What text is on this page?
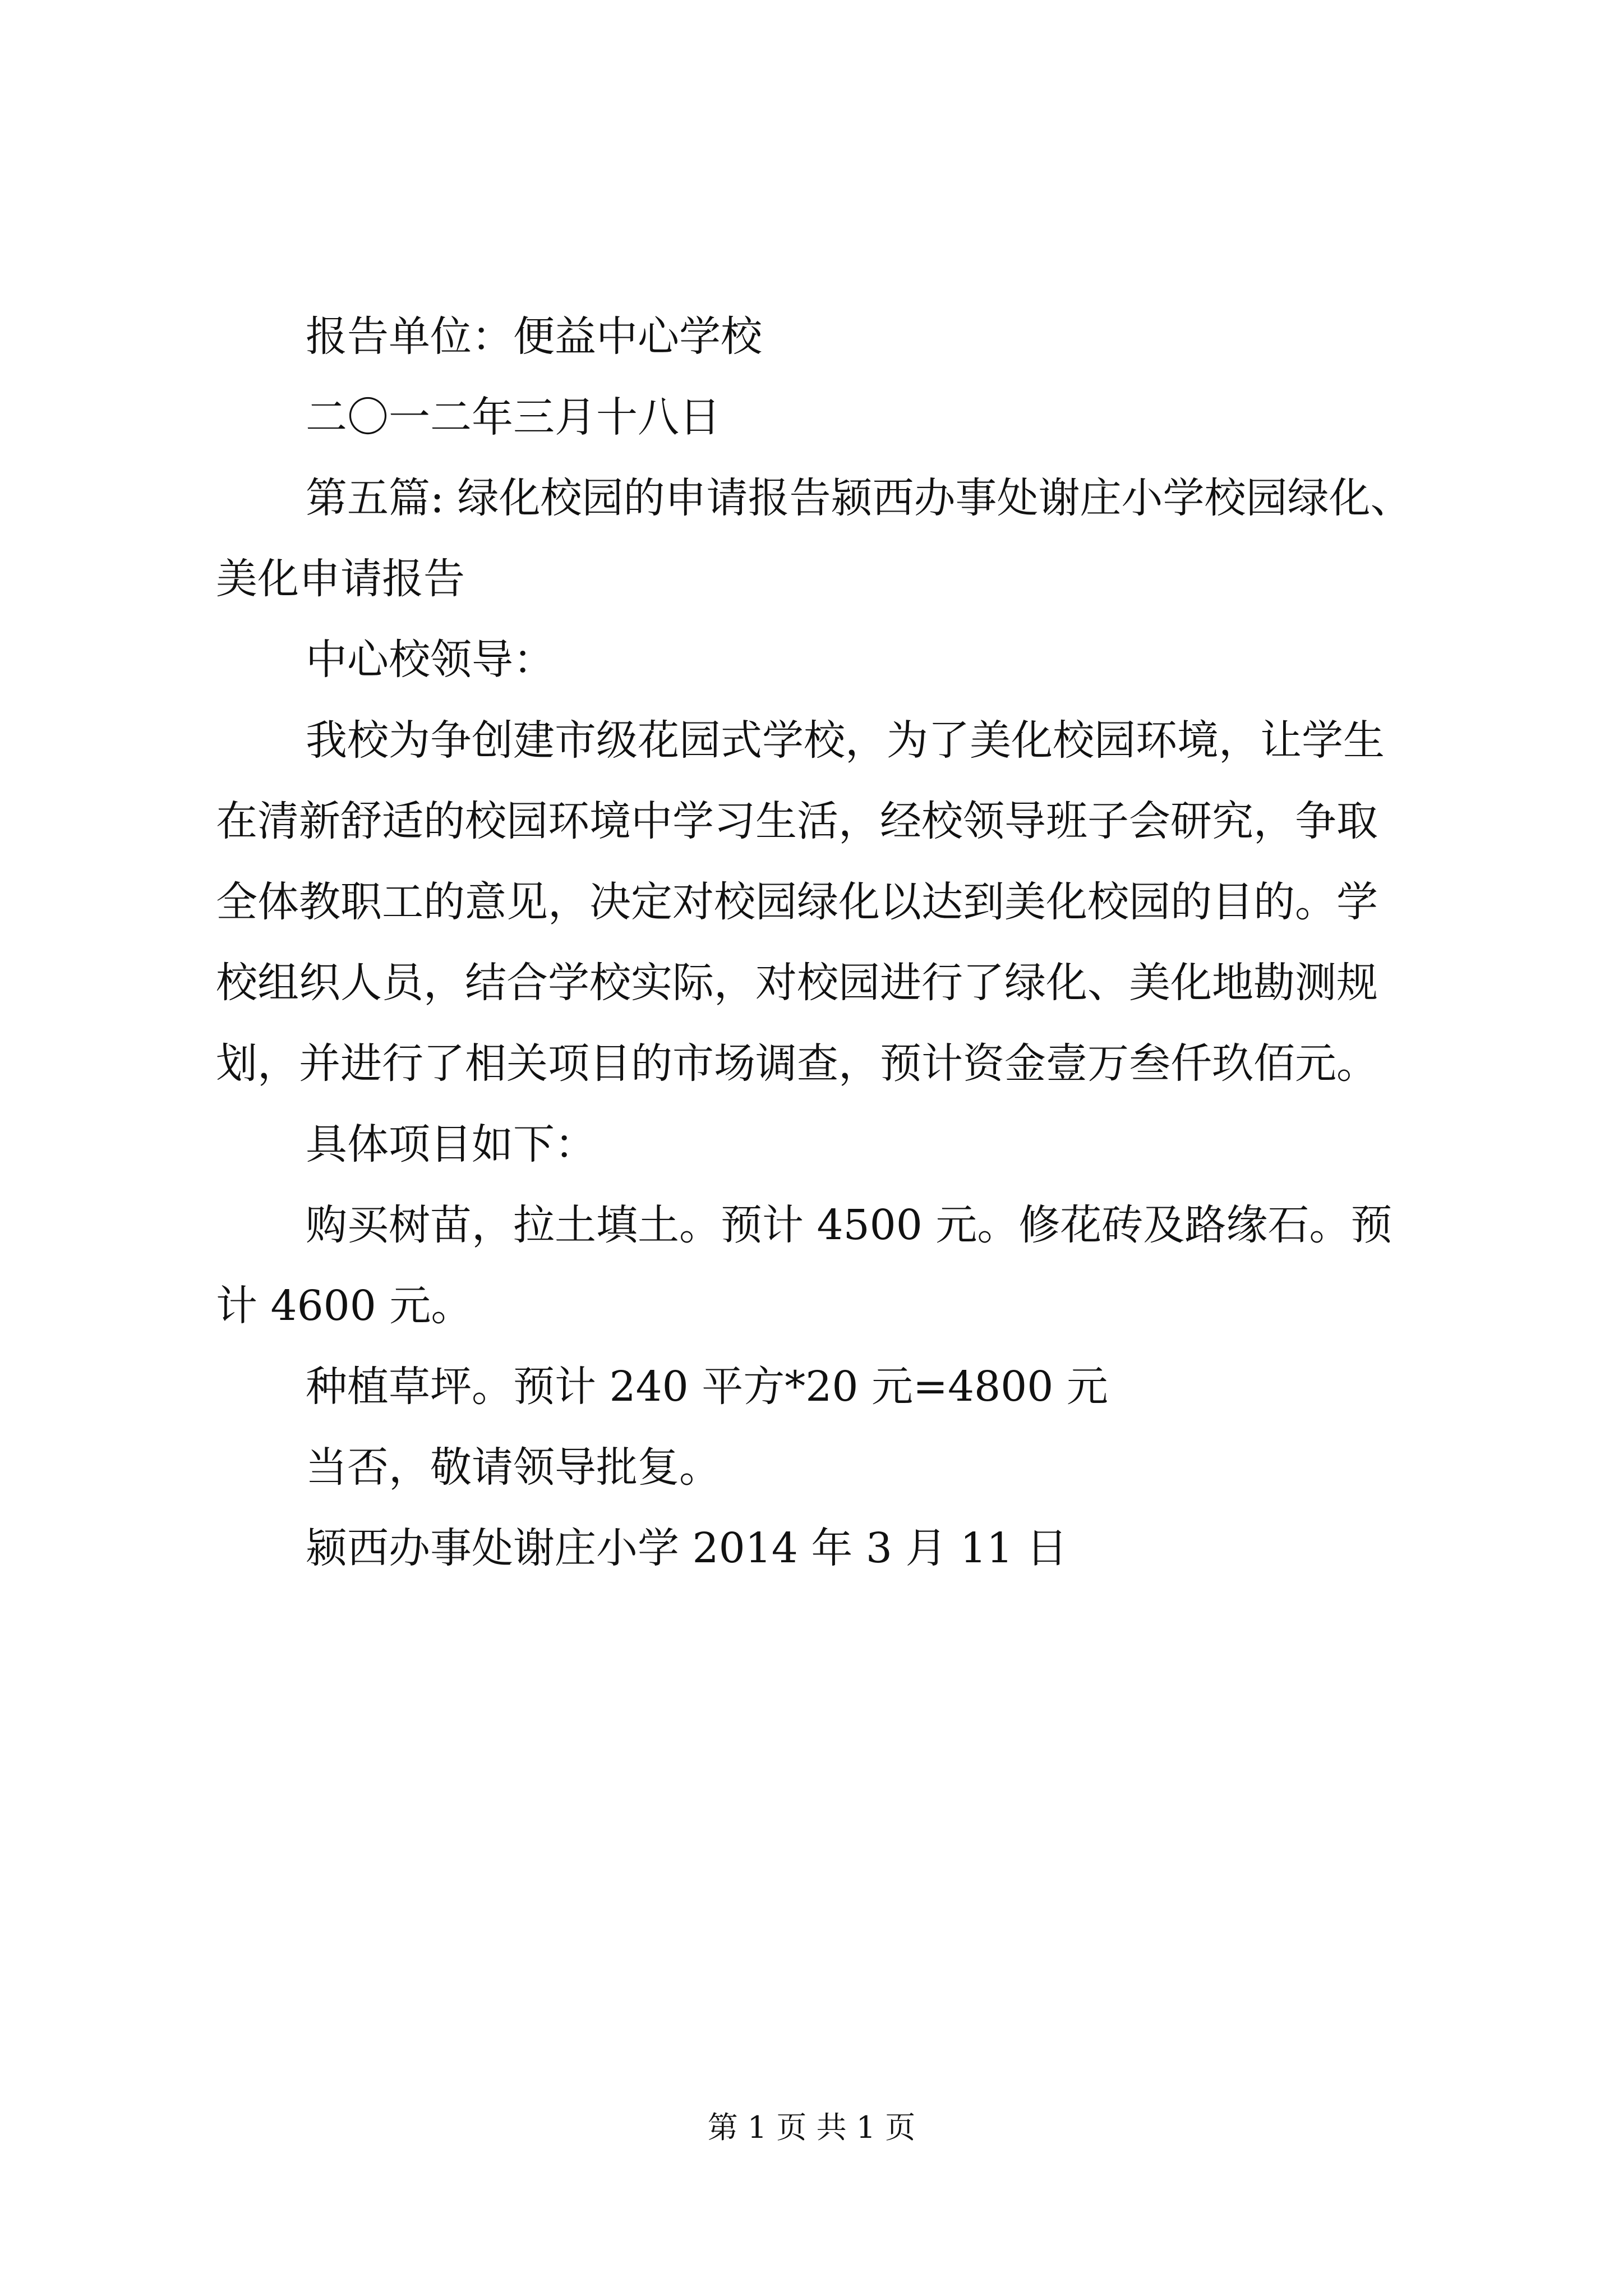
报告单位：便益中心学校

二〇一二年三月十八日

第五篇: 绿化校园的申请报告颍西办事处谢庄小学校园绿化、

美化申请报告

中心校领导：

我校为争创建市级花园式学校，为了美化校园环境，让学生

在清新舒适的校园环境中学习生活，经校领导班子会研究，争取

全体教职工的意见，决定对校园绿化以达到美化校园的目的。学

校组织人员，结合学校实际，对校园进行了绿化、美化地勘测规

划，并进行了相关项目的市场调查，预计资金壹万叁仟玖佰元。

具体项目如下：

购买树苗，拉土填土。预计 4500 元。修花砖及路缘石。预

计 4600 元。

种植草坪。预计 240 平方*20 元=4800 元

当否，敬请领导批复。

颍西办事处谢庄小学 2014 年 3 月 11 日

第 1 页 共 1 页
